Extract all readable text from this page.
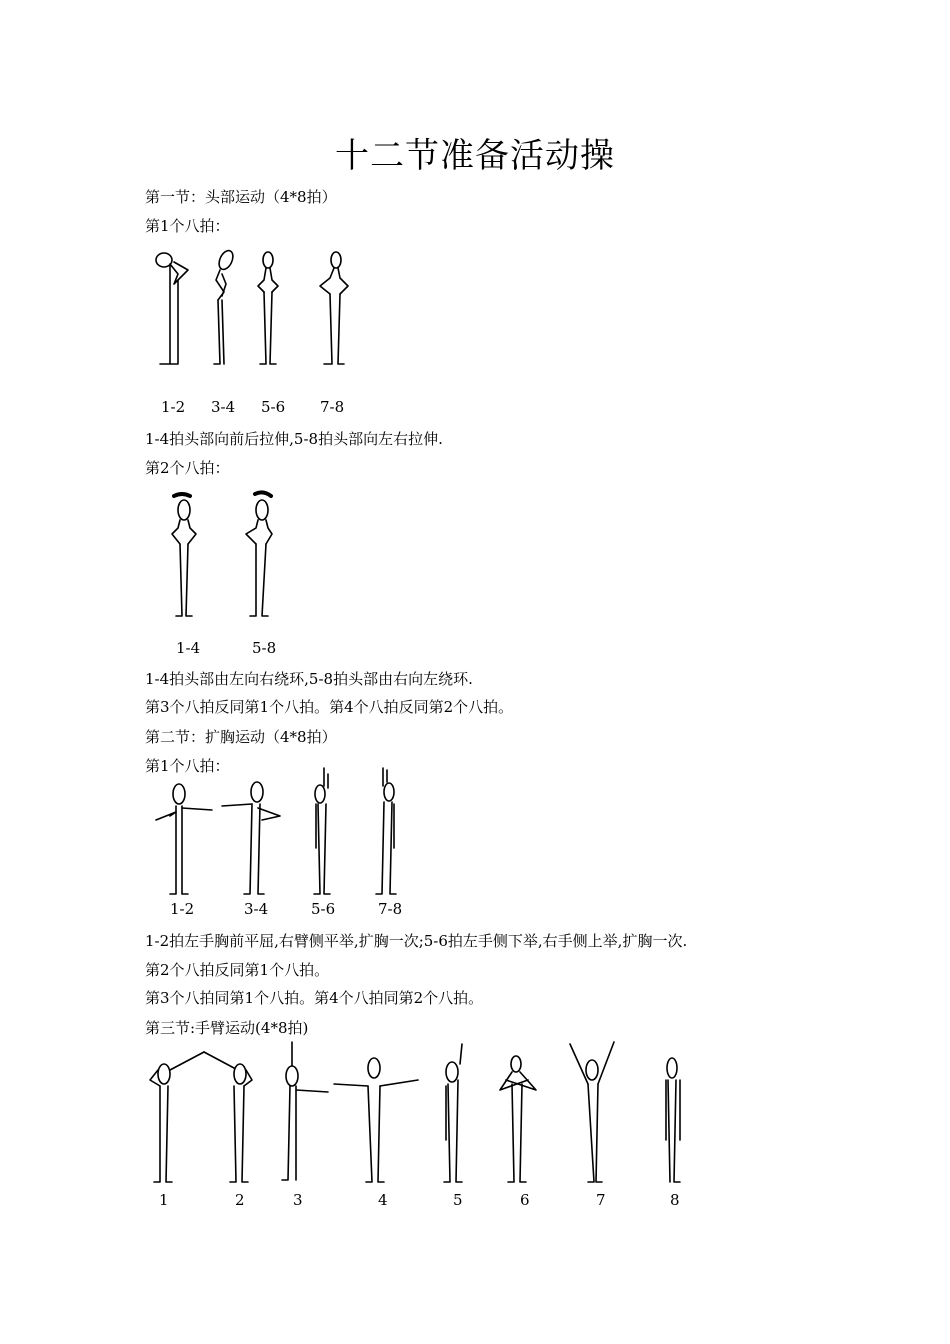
十二节准备活动操
第一节：头部运动（4*8拍）
第1个八拍：
1-2 3-4 5-6 7-8
1-4拍头部向前后拉伸,5-8拍头部向左右拉伸.
第2个八拍：
1-4	5-8
1-4拍头部由左向右绕环,5-8拍头部由右向左绕环.
第3个八拍反同第1个八拍。第4个八拍反同第2个八拍。
第二节：扩胸运动（4*8拍）
第1个八拍：
1-2	3-4	5-6	7-8
1-2拍左手胸前平屈,右臂侧平举,扩胸一次;5-6拍左手侧下举,右手侧上举,扩胸一次.
第2个八拍反同第1个八拍。
第3个八拍同第1个八拍。第4个八拍同第2个八拍。
第三节:手臂运动(4*8拍)
1	2	3	4	5	6	7	8
